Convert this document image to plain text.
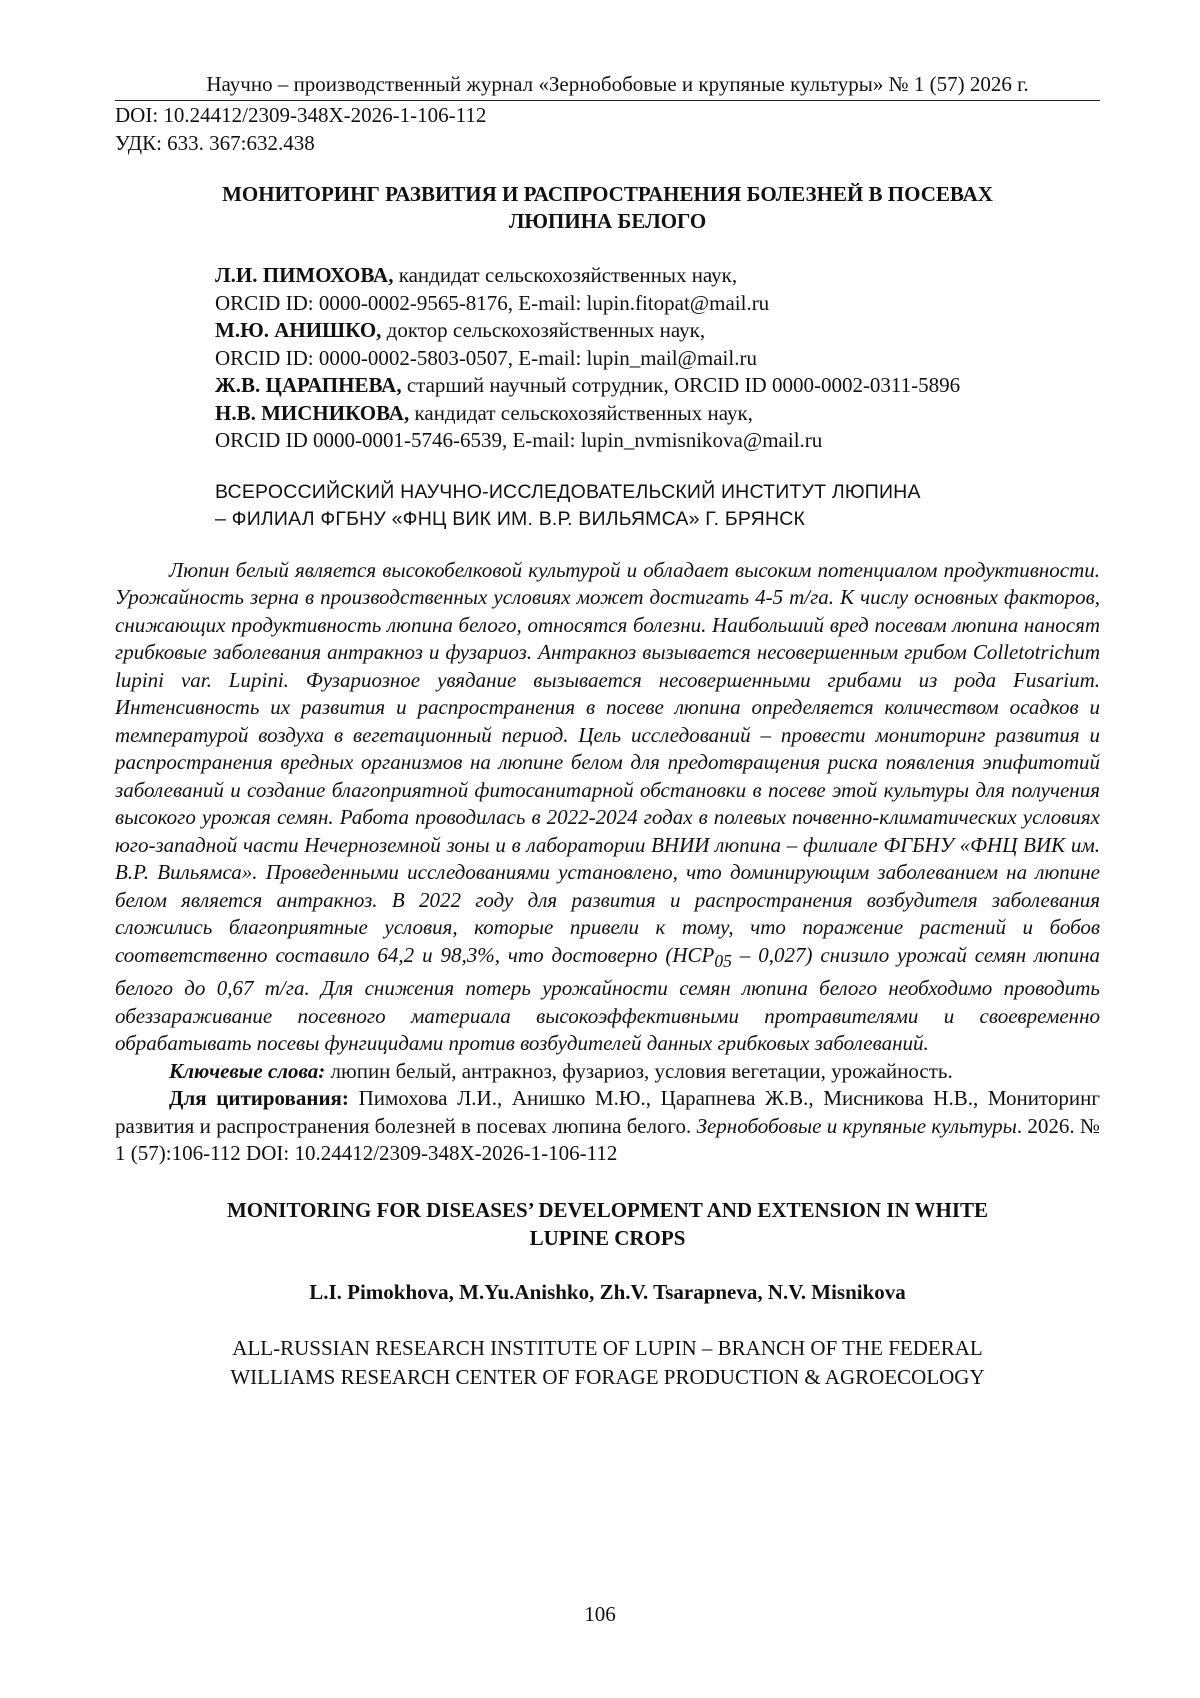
Научно – производственный журнал «Зернобобовые и крупяные культуры» № 1 (57) 2026 г.
DOI: 10.24412/2309-348X-2026-1-106-112
УДК: 633. 367:632.438
МОНИТОРИНГ РАЗВИТИЯ И РАСПРОСТРАНЕНИЯ БОЛЕЗНЕЙ В ПОСЕВАХ
ЛЮПИНА БЕЛОГО
Л.И. ПИМОХОВА, кандидат сельскохозяйственных наук,
ORCID ID: 0000-0002-9565-8176, E-mail: lupin.fitopat@mail.ru
М.Ю. АНИШКО, доктор сельскохозяйственных наук,
ORCID ID: 0000-0002-5803-0507, E-mail: lupin_mail@mail.ru
Ж.В. ЦАРАПНЕВА, старший научный сотрудник, ORCID ID 0000-0002-0311-5896
Н.В. МИСНИКОВА, кандидат сельскохозяйственных наук,
ORCID ID 0000-0001-5746-6539, E-mail: lupin_nvmisnikova@mail.ru
ВСЕРОССИЙСКИЙ НАУЧНО-ИССЛЕДОВАТЕЛЬСКИЙ ИНСТИТУТ ЛЮПИНА
– ФИЛИАЛ ФГБНУ «ФНЦ ВИК ИМ. В.Р. ВИЛЬЯМСА» Г. БРЯНСК
Люпин белый является высокобелковой культурой и обладает высоким потенциалом продуктивности. Урожайность зерна в производственных условиях может достигать 4-5 т/га. К числу основных факторов, снижающих продуктивность люпина белого, относятся болезни. Наибольший вред посевам люпина наносят грибковые заболевания антракноз и фузариоз. Антракноз вызывается несовершенным грибом Colletotrichum lupini var. Lupini. Фузариозное увядание вызывается несовершенными грибами из рода Fusarium. Интенсивность их развития и распространения в посеве люпина определяется количеством осадков и температурой воздуха в вегетационный период. Цель исследований – провести мониторинг развития и распространения вредных организмов на люпине белом для предотвращения риска появления эпифитотий заболеваний и создание благоприятной фитосанитарной обстановки в посеве этой культуры для получения высокого урожая семян. Работа проводилась в 2022-2024 годах в полевых почвенно-климатических условиях юго-западной части Нечерноземной зоны и в лаборатории ВНИИ люпина – филиале ФГБНУ «ФНЦ ВИК им. В.Р. Вильямса». Проведенными исследованиями установлено, что доминирующим заболеванием на люпине белом является антракноз. В 2022 году для развития и распространения возбудителя заболевания сложились благоприятные условия, которые привели к тому, что поражение растений и бобов соответственно составило 64,2 и 98,3%, что достоверно $(НСР_{05} - 0,027)$ снизило урожай семян люпина белого до 0,67 т/га. Для снижения потерь урожайности семян люпина белого необходимо проводить обеззараживание посевного материала высокоэффективными протравителями и своевременно обрабатывать посевы фунгицидами против возбудителей данных грибковых заболеваний.
Ключевые слова: люпин белый, антракноз, фузариоз, условия вегетации, урожайность.
Для цитирования: Пимохова Л.И., Анишко М.Ю., Царапнева Ж.В., Мисникова Н.В., Мониторинг развития и распространения болезней в посевах люпина белого. Зернобобовые и крупяные культуры. 2026. № 1 (57):106-112 DOI: 10.24412/2309-348X-2026-1-106-112
MONITORING FOR DISEASES’ DEVELOPMENT AND EXTENSION IN WHITE
LUPINE CROPS
L.I. Pimokhova, M.Yu.Anishko, Zh.V. Tsarapneva, N.V. Misnikova
ALL-RUSSIAN RESEARCH INSTITUTE OF LUPIN – BRANCH OF THE FEDERAL
WILLIAMS RESEARCH CENTER OF FORAGE PRODUCTION & AGROECOLOGY
106
